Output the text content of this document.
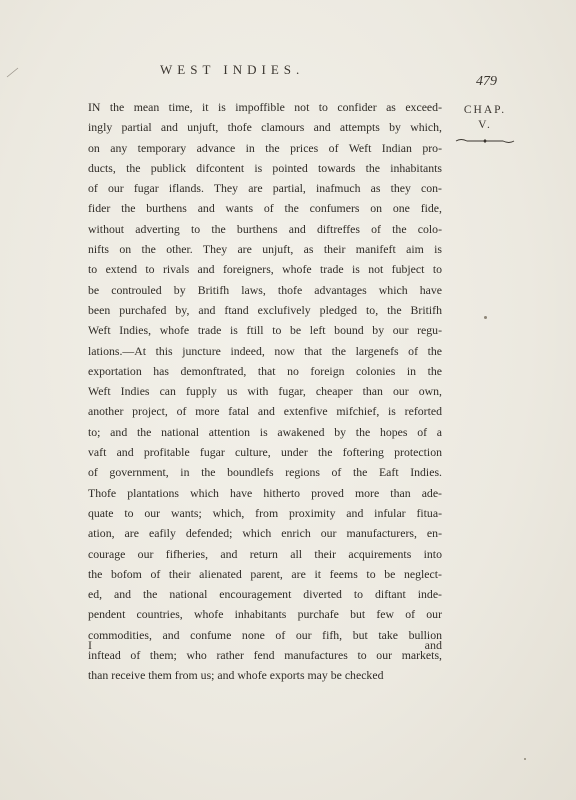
WEST INDIES.
479
CHAP.
V.
IN the mean time, it is impoffible not to confider as exceed-
ingly partial and unjuft, thofe clamours and attempts by which,
on any temporary advance in the prices of Weft Indian pro-
ducts, the publick difcontent is pointed towards the inhabitants
of our fugar iflands. They are partial, inafmuch as they con-
fider the burthens and wants of the confumers on one fide,
without adverting to the burthens and diftreffes of the colo-
nifts on the other. They are unjuft, as their manifeft aim is
to extend to rivals and foreigners, whofe trade is not fubject to
be controuled by Britifh laws, thofe advantages which have
been purchafed by, and ftand exclufively pledged to, the Britifh
Weft Indies, whofe trade is ftill to be left bound by our regu-
lations.—At this juncture indeed, now that the largenefs of the
exportation has demonftrated, that no foreign colonies in the
Weft Indies can fupply us with fugar, cheaper than our own,
another project, of more fatal and extenfive mifchief, is reforted
to; and the national attention is awakened by the hopes of a
vaft and profitable fugar culture, under the foftering protection
of government, in the boundlefs regions of the Eaft Indies.
Thofe plantations which have hitherto proved more than ade-
quate to our wants; which, from proximity and infular fitua-
ation, are eafily defended; which enrich our manufacturers, en-
courage our fifheries, and return all their acquirements into
the bofom of their alienated parent, are it feems to be neglect-
ed, and the national encouragement diverted to diftant inde-
pendent countries, whofe inhabitants purchafe but few of our
commodities, and confume none of our fifh, but take bullion
inftead of them; who rather fend manufactures to our markets,
than receive them from us; and whofe exports may be checked
I	and
